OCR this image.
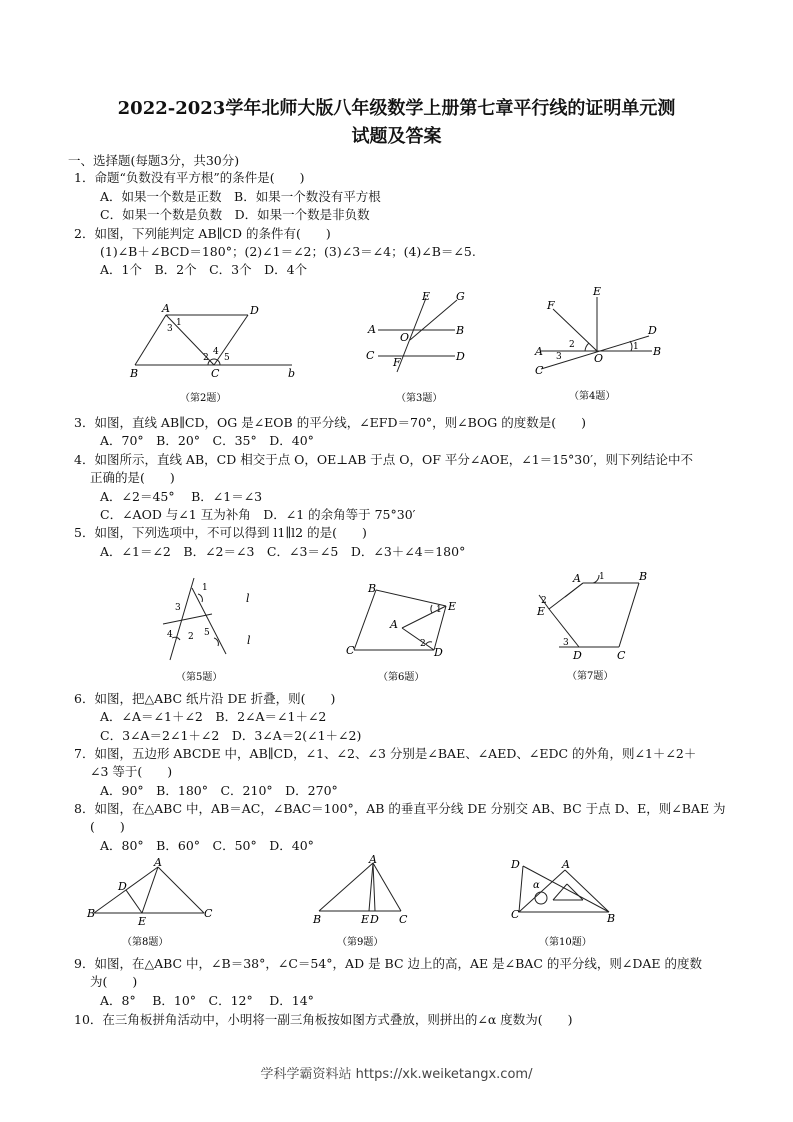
2022-2023学年北师大版八年级数学上册第七章平行线的证明单元测
试题及答案
一、选择题(每题3分，共30分)
1．命题“负数没有平方根”的条件是(　　)
A．如果一个数是正数　B．如果一个数没有平方根
C．如果一个数是负数　D．如果一个数是非负数
2．如图，下列能判定 AB∥CD 的条件有(　　)
(1)∠B＋∠BCD＝180°；(2)∠1＝∠2；(3)∠3＝∠4；(4)∠B＝∠5.
A．1个　B．2个　C．3个　D．4个
A	D
B	C	b
1
3
2
4
5
（第2题）
E G
A
O
B
C
F	D
（第3题）
E
F
D
A
O
B
C
1
2
3
（第4题）
3．如图，直线 AB∥CD，OG 是∠EOB 的平分线，∠EFD＝70°，则∠BOG 的度数是(　　)
A．70°　B．20°　C．35°　D．40°
4．如图所示，直线 AB，CD 相交于点 O，OE⊥AB 于点 O，OF 平分∠AOE，∠1＝15°30′，则下列结论中不
正确的是(　　)
A．∠2＝45°　 B．∠1＝∠3
C．∠AOD 与∠1 互为补角　D．∠1 的余角等于 75°30′
5．如图，下列选项中，不可以得到 l1∥l2 的是(　　)
A．∠1＝∠2　B．∠2＝∠3　C．∠3＝∠5　D．∠3＋∠4＝180°
1
3
4 2 5
l
l
（第5题）
B
E
A
C	D
1
2
（第6题）
A	B
E
D	C
1
2
3
（第7题）
6．如图，把△ABC 纸片沿 DE 折叠，则(　　)
A．∠A＝∠1＋∠2　B．2∠A＝∠1＋∠2
C．3∠A＝2∠1＋∠2　D．3∠A＝2(∠1＋∠2)
7．如图，五边形 ABCDE 中，AB∥CD，∠1、∠2、∠3 分别是∠BAE、∠AED、∠EDC 的外角，则∠1＋∠2＋
∠3 等于(　　)
A．90°　B．180°　C．210°　D．270°
8．如图，在△ABC 中，AB＝AC，∠BAC＝100°，AB 的垂直平分线 DE 分别交 AB、BC 于点 D、E，则∠BAE 为
(　　)
A．80°　B．60°　C．50°　D．40°
A
D
B
E
C
（第8题）
A
B	E D C
（第9题）
D	A
α
C	B
（第10题）
9．如图，在△ABC 中，∠B＝38°，∠C＝54°，AD 是 BC 边上的高，AE 是∠BAC 的平分线，则∠DAE 的度数
为(　　)
A．8°　 B．10°　C．12°　 D．14°
10．在三角板拼角活动中，小明将一副三角板按如图方式叠放，则拼出的∠α 度数为(　　)
学科学霸资料站 https://xk.weiketangx.com/
